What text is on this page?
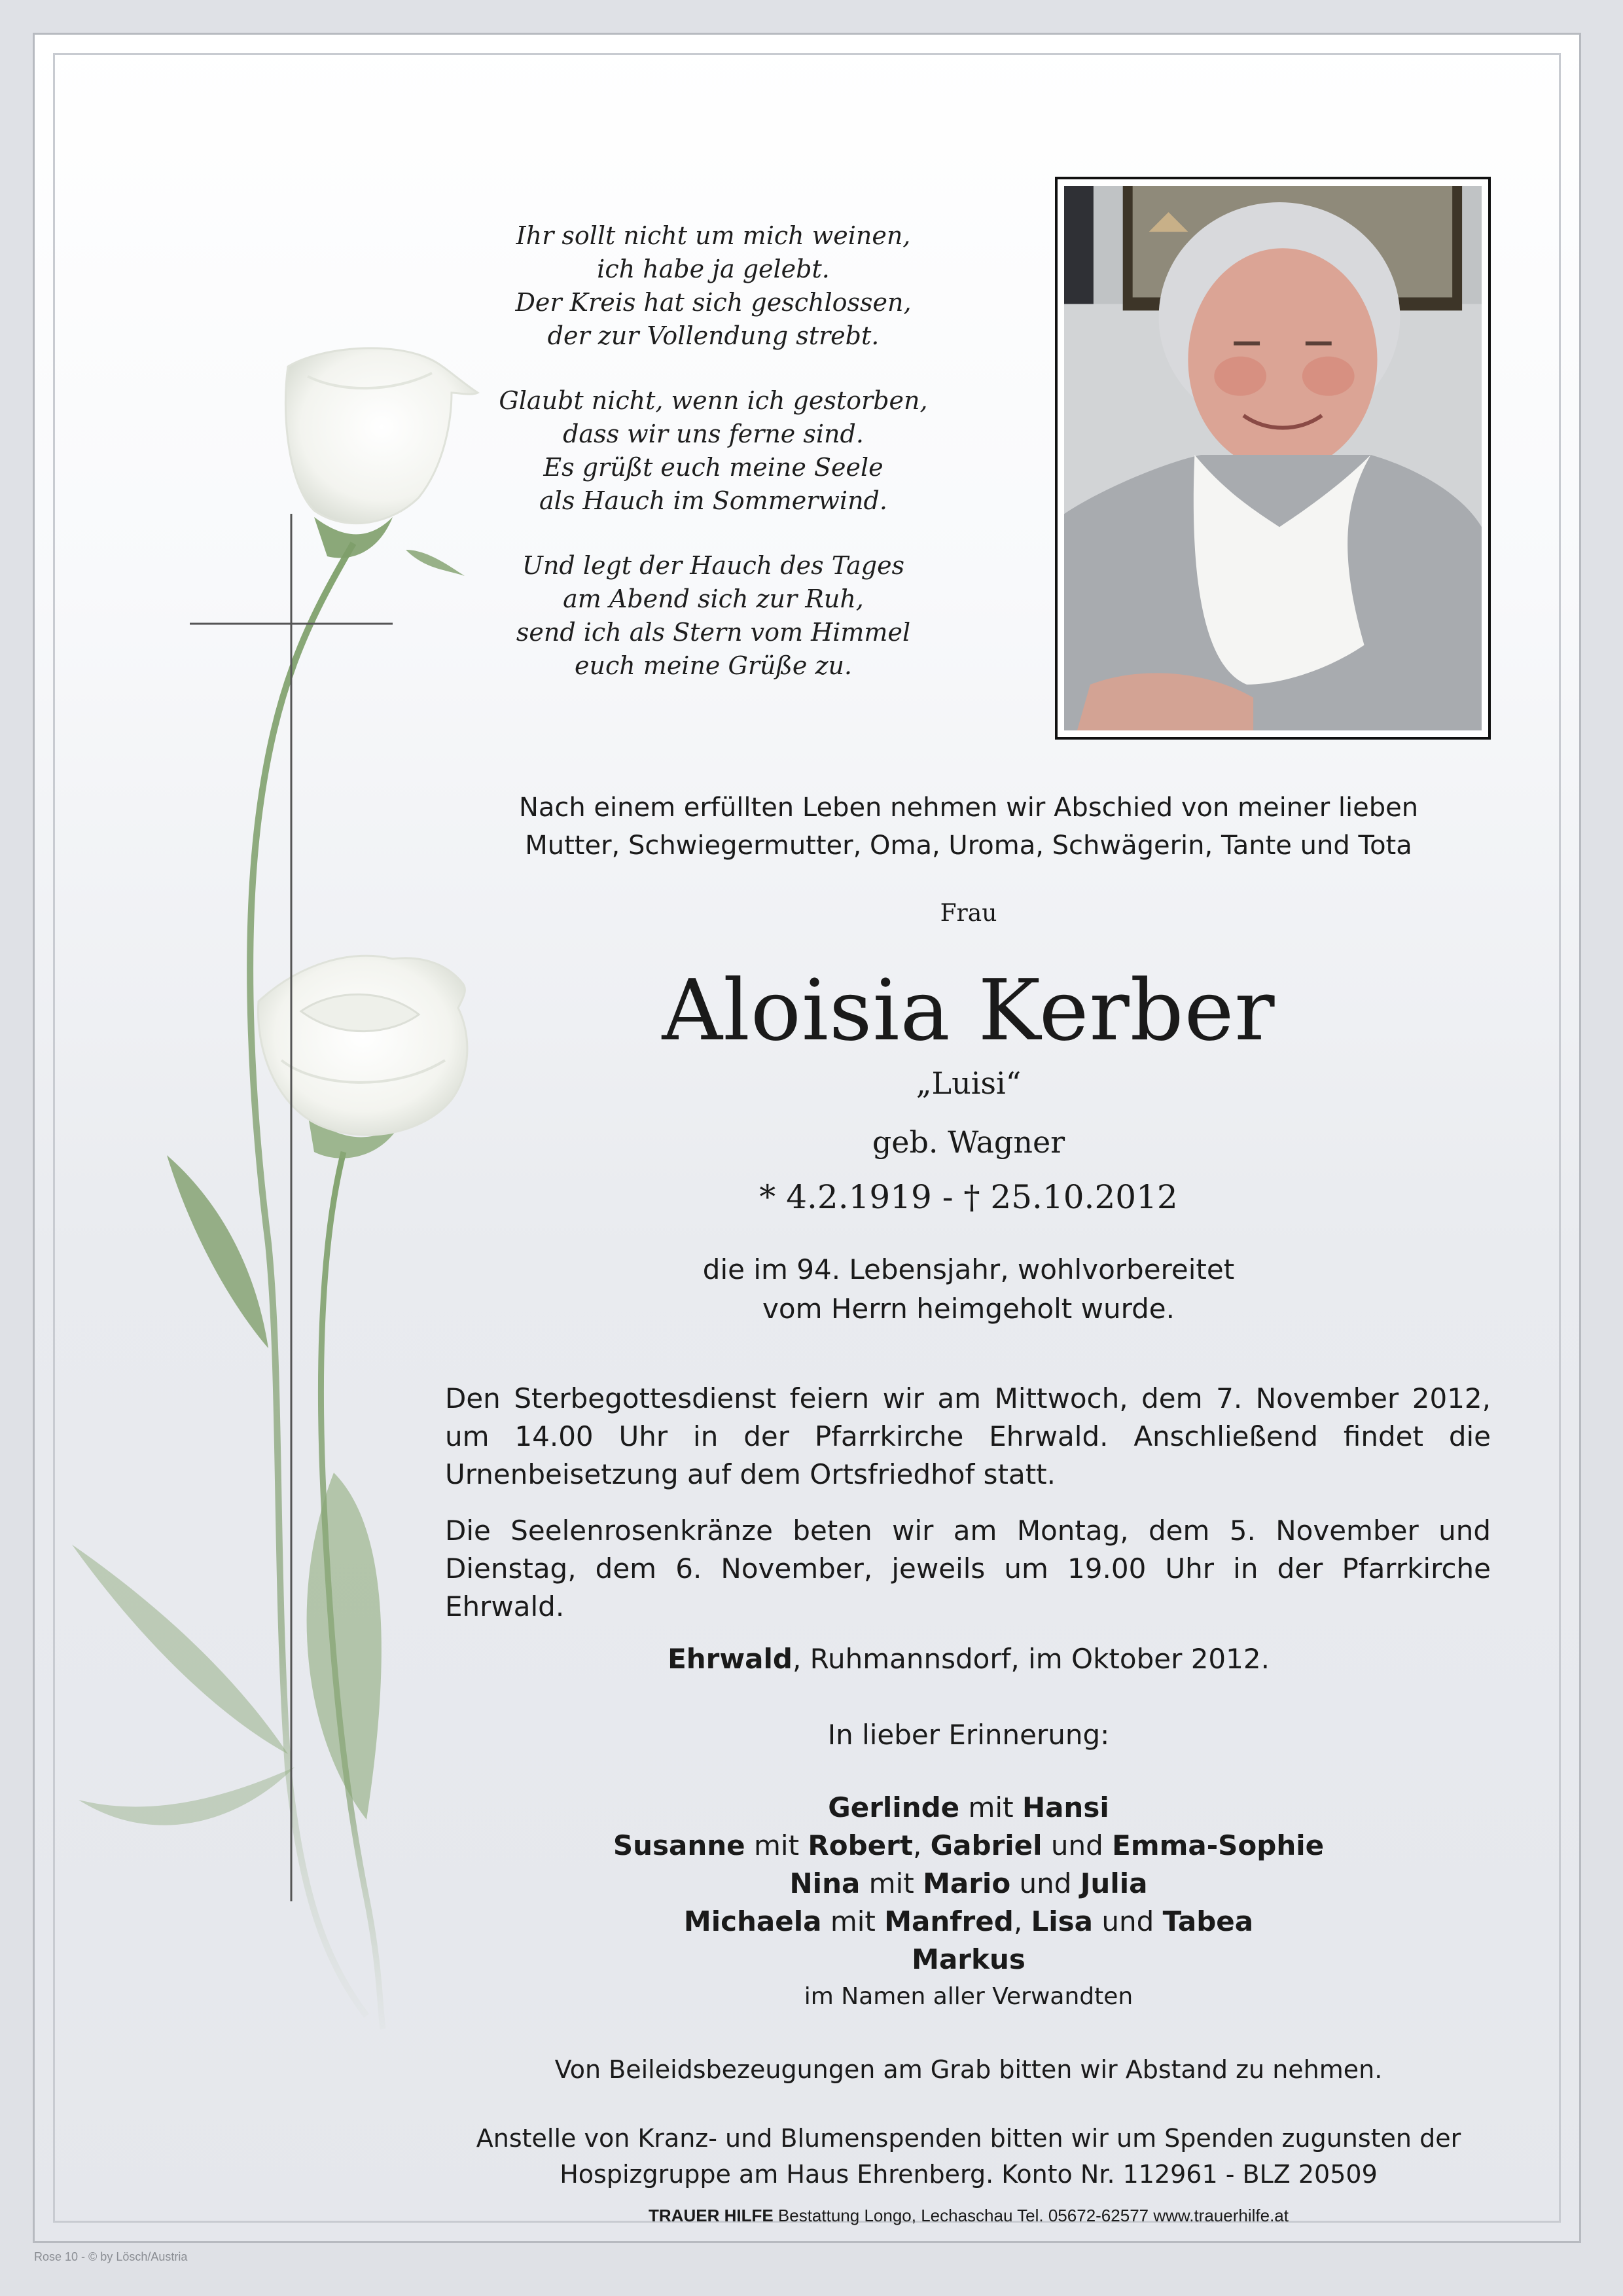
Ihr sollt nicht um mich weinen,
ich habe ja gelebt.
Der Kreis hat sich geschlossen,
der zur Vollendung strebt.
Glaubt nicht, wenn ich gestorben,
dass wir uns ferne sind.
Es grüßt euch meine Seele
als Hauch im Sommerwind.
Und legt der Hauch des Tages
am Abend sich zur Ruh,
send ich als Stern vom Himmel
euch meine Grüße zu.
Nach einem erfüllten Leben nehmen wir Abschied von meiner lieben
Mutter, Schwiegermutter, Oma, Uroma, Schwägerin, Tante und Tota
Frau
Aloisia Kerber
„Luisi“
geb. Wagner
* 4.2.1919 - † 25.10.2012
die im 94. Lebensjahr, wohlvorbereitet
vom Herrn heimgeholt wurde.
Den Sterbegottesdienst feiern wir am Mittwoch, dem 7. November 2012, um 14.00 Uhr in der Pfarrkirche Ehrwald. Anschließend findet die Urnenbeisetzung auf dem Ortsfriedhof statt.
Die Seelenrosenkränze beten wir am Montag, dem 5. November und Dienstag, dem 6. November, jeweils um 19.00 Uhr in der Pfarrkirche Ehrwald.
Ehrwald, Ruhmannsdorf, im Oktober 2012.
In lieber Erinnerung:
Gerlinde mit Hansi
Susanne mit Robert, Gabriel und Emma-Sophie
Nina mit Mario und Julia
Michaela mit Manfred, Lisa und Tabea
Markus
im Namen aller Verwandten
Von Beileidsbezeugungen am Grab bitten wir Abstand zu nehmen.
Anstelle von Kranz- und Blumenspenden bitten wir um Spenden zugunsten der
Hospizgruppe am Haus Ehrenberg. Konto Nr. 112961 - BLZ 20509
TRAUER HILFE Bestattung Longo, Lechaschau Tel. 05672-62577 www.trauerhilfe.at
Rose 10 - © by Lösch/Austria
